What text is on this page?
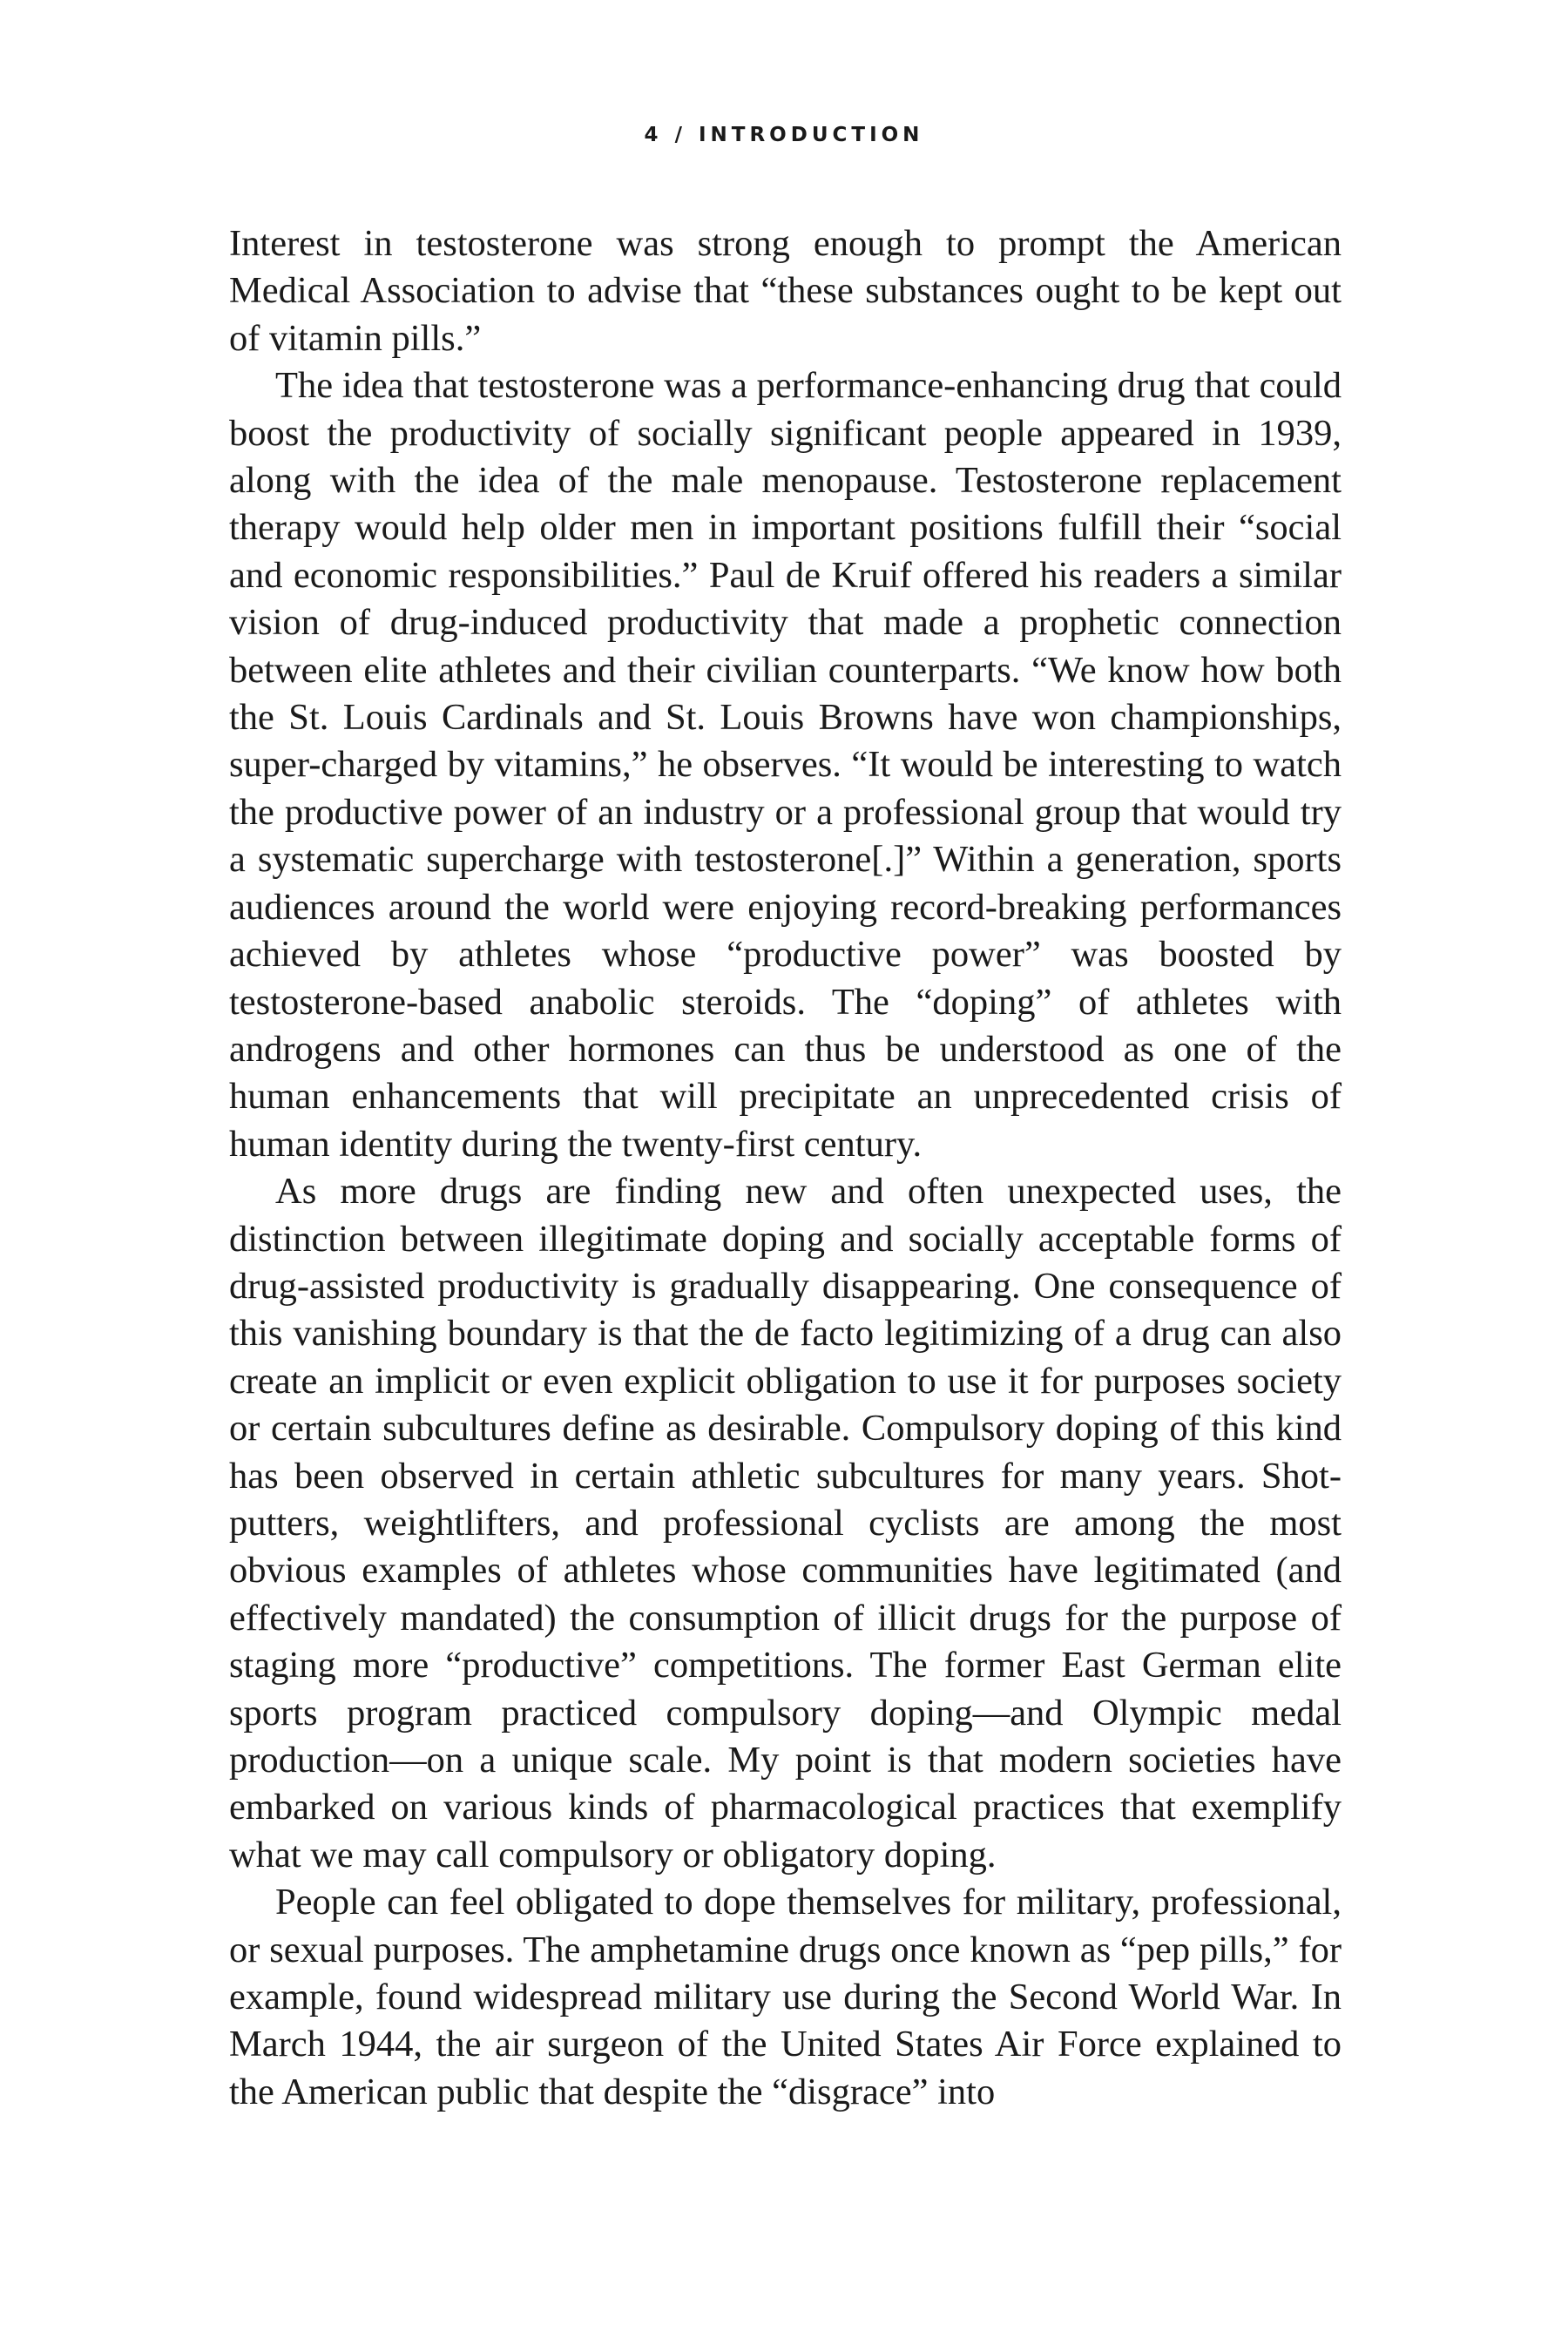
4 / INTRODUCTION

Interest in testosterone was strong enough to prompt the American Medical Association to advise that “these substances ought to be kept out of vitamin pills.”

The idea that testosterone was a performance-enhancing drug that could boost the productivity of socially significant people appeared in 1939, along with the idea of the male menopause. Testosterone replacement therapy would help older men in important positions fulfill their “social and economic responsibilities.” Paul de Kruif offered his readers a similar vision of drug-induced productivity that made a prophetic connection between elite athletes and their civilian counterparts. “We know how both the St. Louis Cardinals and St. Louis Browns have won championships, super-charged by vitamins,” he observes. “It would be interesting to watch the productive power of an industry or a professional group that would try a systematic supercharge with testosterone[.]” Within a generation, sports audiences around the world were enjoying record-breaking performances achieved by athletes whose “productive power” was boosted by testosterone-based anabolic steroids. The “doping” of athletes with androgens and other hormones can thus be understood as one of the human enhancements that will precipitate an unprecedented crisis of human identity during the twenty-first century.

As more drugs are finding new and often unexpected uses, the distinction between illegitimate doping and socially acceptable forms of drug-assisted productivity is gradually disappearing. One consequence of this vanishing boundary is that the de facto legitimizing of a drug can also create an implicit or even explicit obligation to use it for purposes society or certain subcultures define as desirable. Compulsory doping of this kind has been observed in certain athletic subcultures for many years. Shot-putters, weightlifters, and professional cyclists are among the most obvious examples of athletes whose communities have legitimated (and effectively mandated) the consumption of illicit drugs for the purpose of staging more “productive” competitions. The former East German elite sports program practiced compulsory doping—and Olympic medal production—on a unique scale. My point is that modern societies have embarked on various kinds of pharmacological practices that exemplify what we may call compulsory or obligatory doping.

People can feel obligated to dope themselves for military, professional, or sexual purposes. The amphetamine drugs once known as “pep pills,” for example, found widespread military use during the Second World War. In March 1944, the air surgeon of the United States Air Force explained to the American public that despite the “disgrace” into
